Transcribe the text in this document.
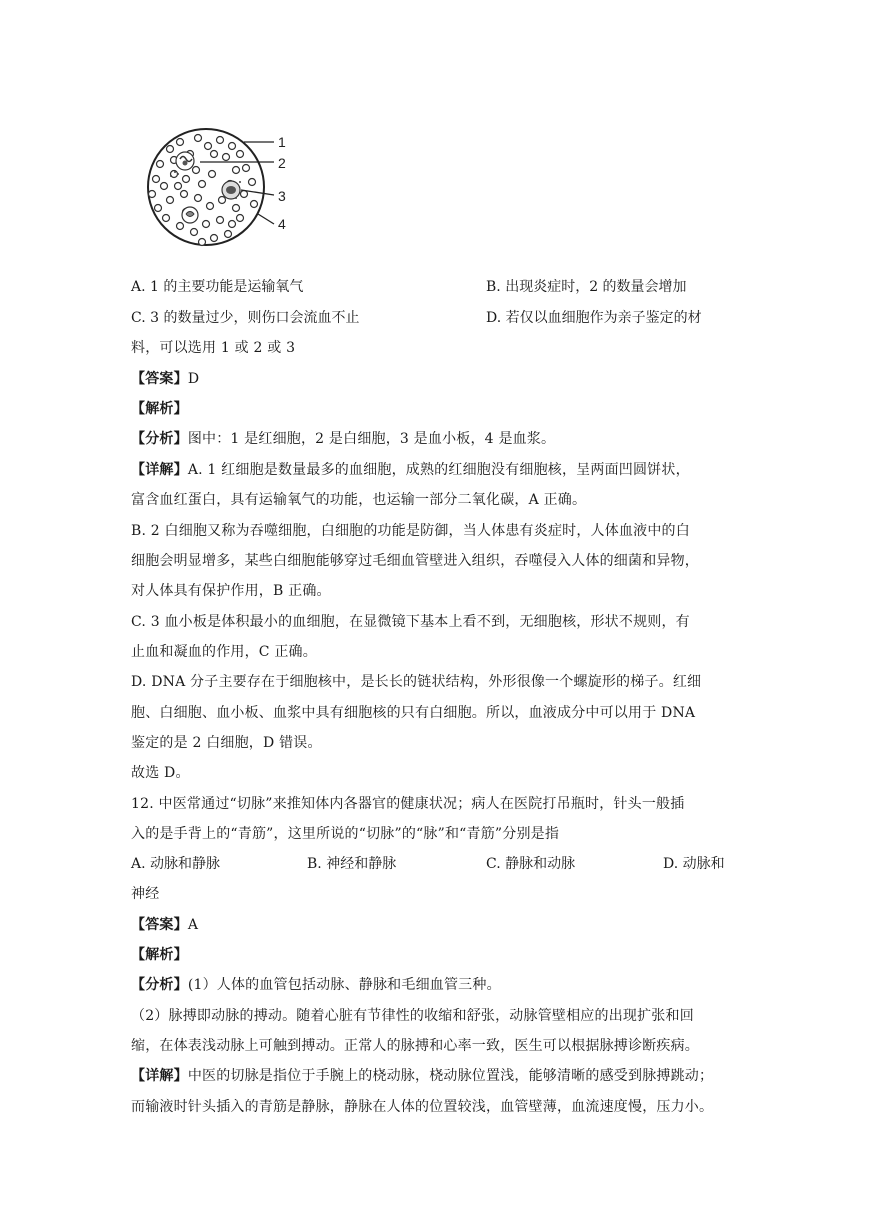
1
2
3
4
A. 1 的主要功能是运输氧气	B. 出现炎症时，2 的数量会增加
C. 3 的数量过少，则伤口会流血不止	D. 若仅以血细胞作为亲子鉴定的材
料，可以选用 1 或 2 或 3
【答案】D
【解析】
【分析】图中：1 是红细胞，2 是白细胞，3 是血小板，4 是血浆。
【详解】A. 1 红细胞是数量最多的血细胞，成熟的红细胞没有细胞核，呈两面凹圆饼状，
富含血红蛋白，具有运输氧气的功能，也运输一部分二氧化碳，A 正确。
B. 2 白细胞又称为吞噬细胞，白细胞的功能是防御，当人体患有炎症时，人体血液中的白
细胞会明显增多，某些白细胞能够穿过毛细血管壁进入组织，吞噬侵入人体的细菌和异物，
对人体具有保护作用，B 正确。
C. 3 血小板是体积最小的血细胞，在显微镜下基本上看不到，无细胞核，形状不规则，有
止血和凝血的作用，C 正确。
D. DNA 分子主要存在于细胞核中，是长长的链状结构，外形很像一个螺旋形的梯子。红细
胞、白细胞、血小板、血浆中具有细胞核的只有白细胞。所以，血液成分中可以用于 DNA
鉴定的是 2 白细胞，D 错误。
故选 D。
12. 中医常通过“切脉”来推知体内各器官的健康状况；病人在医院打吊瓶时，针头一般插
入的是手背上的“青筋”，这里所说的“切脉”的“脉”和“青筋”分别是指
A. 动脉和静脉	B. 神经和静脉	C. 静脉和动脉	D. 动脉和
神经
【答案】A
【解析】
【分析】(1）人体的血管包括动脉、静脉和毛细血管三种。
（2）脉搏即动脉的搏动。随着心脏有节律性的收缩和舒张，动脉管壁相应的出现扩张和回
缩，在体表浅动脉上可触到搏动。正常人的脉搏和心率一致，医生可以根据脉搏诊断疾病。
【详解】中医的切脉是指位于手腕上的桡动脉，桡动脉位置浅，能够清晰的感受到脉搏跳动；
而输液时针头插入的青筋是静脉，静脉在人体的位置较浅，血管壁薄，血流速度慢，压力小。
